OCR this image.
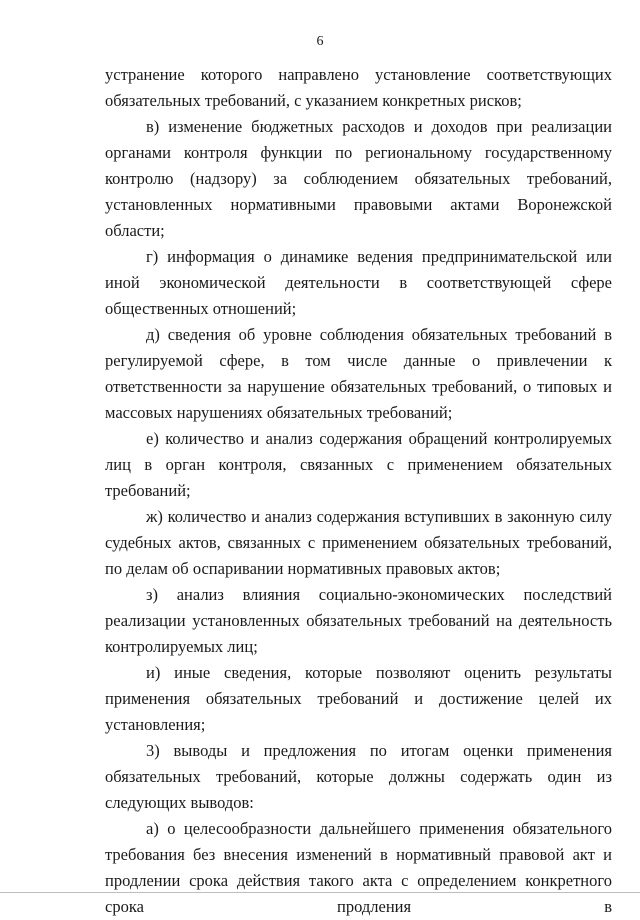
6

устранение которого направлено установление соответствующих обязательных требований, с указанием конкретных рисков;

в) изменение бюджетных расходов и доходов при реализации органами контроля функции по региональному государственному контролю (надзору) за соблюдением обязательных требований, установленных нормативными правовыми актами Воронежской области;

г) информация о динамике ведения предпринимательской или иной экономической деятельности в соответствующей сфере общественных отношений;

д) сведения об уровне соблюдения обязательных требований в регулируемой сфере, в том числе данные о привлечении к ответственности за нарушение обязательных требований, о типовых и массовых нарушениях обязательных требований;

е) количество и анализ содержания обращений контролируемых лиц в орган контроля, связанных с применением обязательных требований;

ж) количество и анализ содержания вступивших в законную силу судебных актов, связанных с применением обязательных требований, по делам об оспаривании нормативных правовых актов;

з) анализ влияния социально-экономических последствий реализации установленных обязательных требований на деятельность контролируемых лиц;

и) иные сведения, которые позволяют оценить результаты применения обязательных требований и достижение целей их установления;

3) выводы и предложения по итогам оценки применения обязательных требований, которые должны содержать один из следующих выводов:

а) о целесообразности дальнейшего применения обязательного требования без внесения изменений в нормативный правовой акт и продлении срока действия такого акта с определением конкретного срока продления в
